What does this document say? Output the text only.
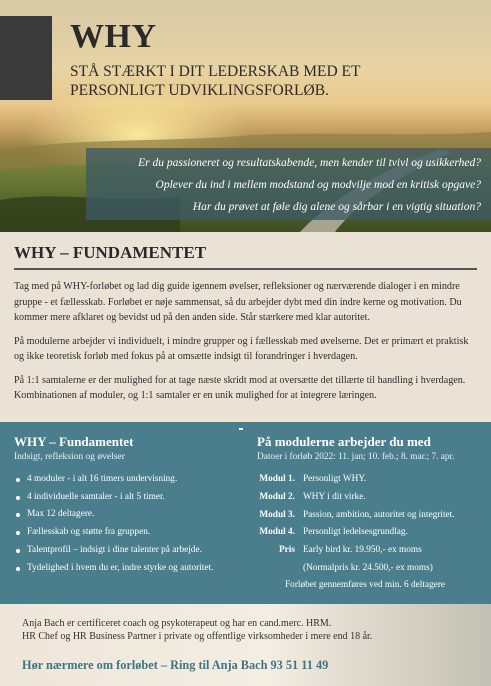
WHY
STÅ STÆRKT I DIT LEDERSKAB MED ET
PERSONLIGT UDVIKLINGSFORLØB.
Er du passioneret og resultatskabende, men kender til tvivl og usikkerhed?
Oplever du ind i mellem modstand og modvilje mod en kritisk opgave?
Har du prøvet at føle dig alene og sårbar i en vigtig situation?
WHY – FUNDAMENTET

Tag med på WHY-forløbet og lad dig guide igennem øvelser, refleksioner og nærværende dialoger i en mindre gruppe - et fællesskab. Forløbet er nøje sammensat, så du arbejder dybt med din indre kerne og motivation. Du kommer mere afklaret og bevidst ud på den anden side. Står stærkere med klar autoritet.

På modulerne arbejder vi individuelt, i mindre grupper og i fællesskab med øvelserne. Det er primært et praktisk og ikke teoretisk forløb med fokus på at omsætte indsigt til forandringer i hverdagen.

På 1:1 samtalerne er der mulighed for at tage næste skridt mod at oversætte det tillærte til handling i hverdagen. Kombinationen af moduler, og 1:1 samtaler er en unik mulighed for at integrere læringen.

WHY – Fundamentet
Indsigt, refleksion og øvelser
4 moduler - i alt 16 timers undervisning.
4 individuelle samtaler - i alt 5 timer.
Max 12 deltagere.
Fællesskab og støtte fra gruppen.
Talentprofil – indsigt i dine talenter på arbejde.
Tydelighed i hvem du er, indre styrke og autoritet.
På modulerne arbejder du med
Datoer i forløb 2022: 11. jan; 10. feb.; 8. mar.; 7. apr.
Modul 1. Personligt WHY.
Modul 2. WHY i dit virke.
Modul 3. Passion, ambition, autoritet og integritet.
Modul 4. Personligt ledelsesgrundlag.
Pris Early bird kr. 19.950,- ex moms
(Normalpris kr. 24.500,- ex moms)
Forløbet gennemføres ved min. 6 deltagere
Anja Bach er certificeret coach og psykoterapeut og har en cand.merc. HRM.
HR Chef og HR Business Partner i private og offentlige virksomheder i mere end 18 år.
Hør nærmere om forløbet – Ring til Anja Bach 93 51 11 49
